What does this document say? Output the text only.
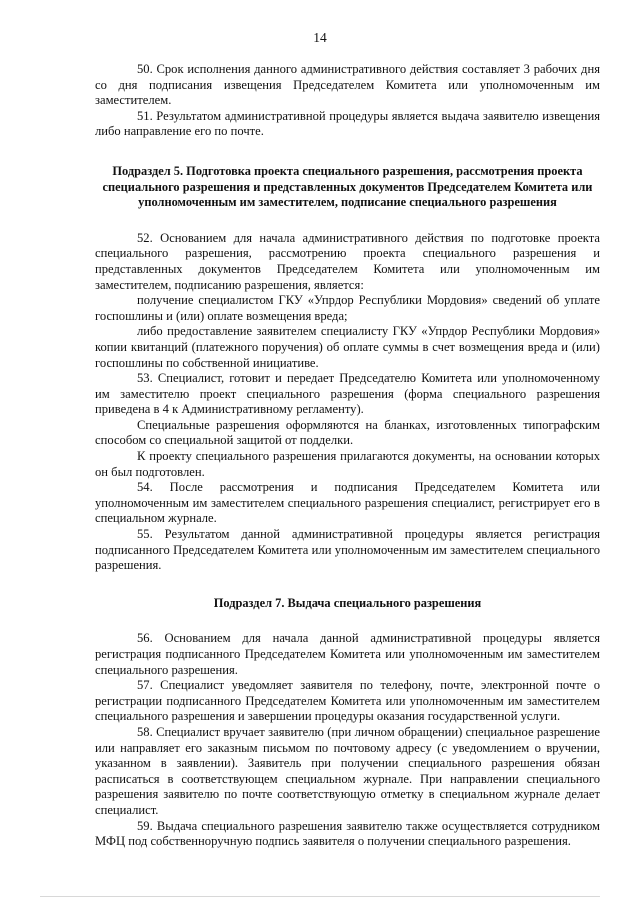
14

50. Срок исполнения данного административного действия составляет 3 рабочих дня со дня подписания извещения Председателем Комитета или уполномоченным им заместителем.

51. Результатом административной процедуры является выдача заявителю извещения либо направление его по почте.

Подраздел 5. Подготовка проекта специального разрешения, рассмотрения проекта специального разрешения и представленных документов Председателем Комитета или уполномоченным им заместителем, подписание специального разрешения

52. Основанием для начала административного действия по подготовке проекта специального разрешения, рассмотрению проекта специального разрешения и представленных документов Председателем Комитета или уполномоченным им заместителем, подписанию разрешения, является:

получение специалистом ГКУ «Упрдор Республики Мордовия» сведений об уплате госпошлины и (или) оплате возмещения вреда;

либо предоставление заявителем специалисту ГКУ «Упрдор Республики Мордовия» копии квитанций (платежного поручения) об оплате суммы в счет возмещения вреда и (или) госпошлины по собственной инициативе.

53. Специалист, готовит и передает Председателю Комитета или уполномоченному им заместителю проект специального разрешения (форма специального разрешения приведена в 4 к Административному регламенту).

Специальные разрешения оформляются на бланках, изготовленных типографским способом со специальной защитой от подделки.

К проекту специального разрешения прилагаются документы, на основании которых он был подготовлен.

54. После рассмотрения и подписания Председателем Комитета или уполномоченным им заместителем специального разрешения специалист, регистрирует его в специальном журнале.

55. Результатом данной административной процедуры является регистрация подписанного Председателем Комитета или уполномоченным им заместителем специального разрешения.

Подраздел 7. Выдача специального разрешения

56. Основанием для начала данной административной процедуры является регистрация подписанного Председателем Комитета или уполномоченным им заместителем специального разрешения.

57. Специалист уведомляет заявителя по телефону, почте, электронной почте о регистрации подписанного Председателем Комитета или уполномоченным им заместителем специального разрешения и завершении процедуры оказания государственной услуги.

58. Специалист вручает заявителю (при личном обращении) специальное разрешение или направляет его заказным письмом по почтовому адресу (с уведомлением о вручении, указанном в заявлении). Заявитель при получении специального разрешения обязан расписаться в соответствующем специальном журнале. При направлении специального разрешения заявителю по почте соответствующую отметку в специальном журнале делает специалист.

59. Выдача специального разрешения заявителю также осуществляется сотрудником МФЦ под собственноручную подпись заявителя о получении специального разрешения.
